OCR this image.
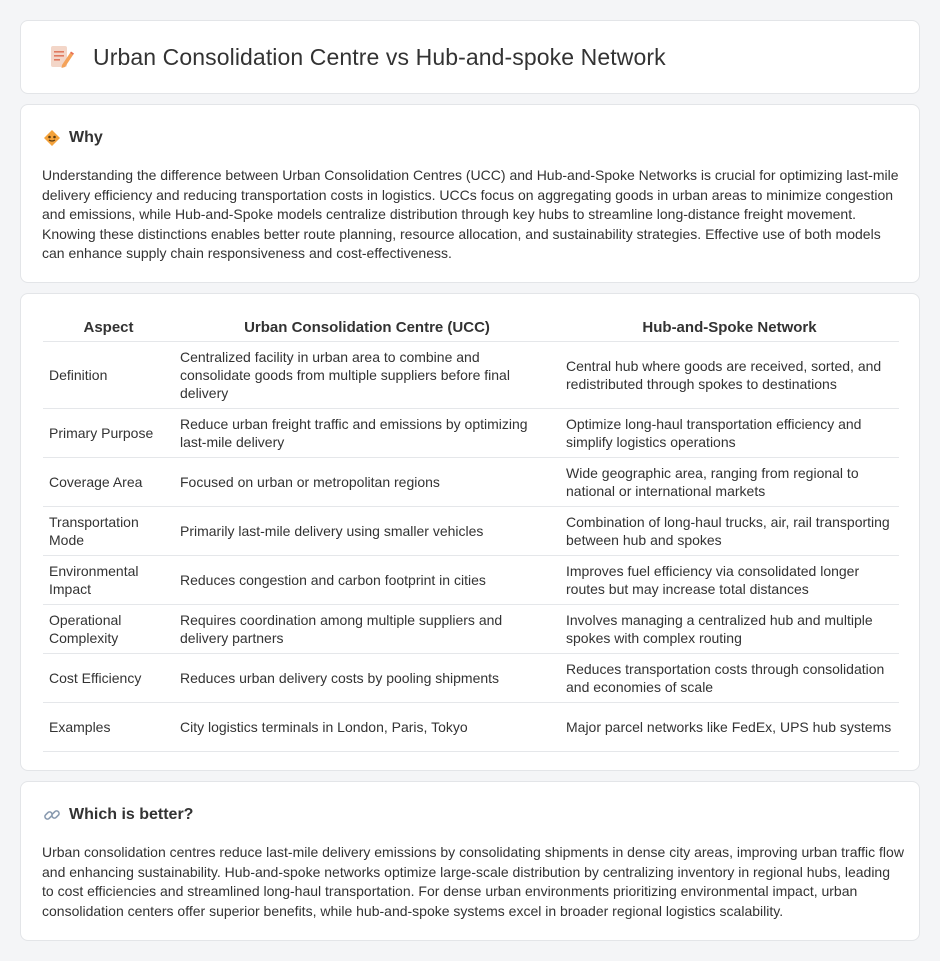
Urban Consolidation Centre vs Hub-and-spoke Network
Why
Understanding the difference between Urban Consolidation Centres (UCC) and Hub-and-Spoke Networks is crucial for optimizing last-mile delivery efficiency and reducing transportation costs in logistics. UCCs focus on aggregating goods in urban areas to minimize congestion and emissions, while Hub-and-Spoke models centralize distribution through key hubs to streamline long-distance freight movement. Knowing these distinctions enables better route planning, resource allocation, and sustainability strategies. Effective use of both models can enhance supply chain responsiveness and cost-effectiveness.
Aspect	Urban Consolidation Centre (UCC)	Hub-and-Spoke Network
Definition	Centralized facility in urban area to combine and consolidate goods from multiple suppliers before final delivery	Central hub where goods are received, sorted, and redistributed through spokes to destinations
Primary Purpose	Reduce urban freight traffic and emissions by optimizing last-mile delivery	Optimize long-haul transportation efficiency and simplify logistics operations
Coverage Area	Focused on urban or metropolitan regions	Wide geographic area, ranging from regional to national or international markets
Transportation Mode	Primarily last-mile delivery using smaller vehicles	Combination of long-haul trucks, air, rail transporting between hub and spokes
Environmental Impact	Reduces congestion and carbon footprint in cities	Improves fuel efficiency via consolidated longer routes but may increase total distances
Operational Complexity	Requires coordination among multiple suppliers and delivery partners	Involves managing a centralized hub and multiple spokes with complex routing
Cost Efficiency	Reduces urban delivery costs by pooling shipments	Reduces transportation costs through consolidation and economies of scale
Examples	City logistics terminals in London, Paris, Tokyo	Major parcel networks like FedEx, UPS hub systems
Which is better?
Urban consolidation centres reduce last-mile delivery emissions by consolidating shipments in dense city areas, improving urban traffic flow and enhancing sustainability. Hub-and-spoke networks optimize large-scale distribution by centralizing inventory in regional hubs, leading to cost efficiencies and streamlined long-haul transportation. For dense urban environments prioritizing environmental impact, urban consolidation centers offer superior benefits, while hub-and-spoke systems excel in broader regional logistics scalability.
